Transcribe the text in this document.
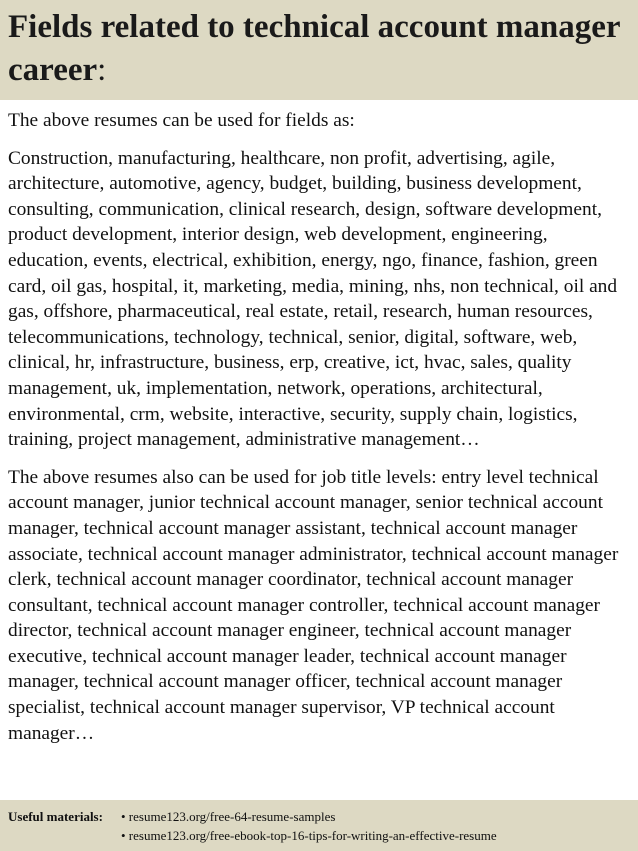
Fields related to technical account manager career:

The above resumes can be used for fields as:

Construction, manufacturing, healthcare, non profit, advertising, agile, architecture, automotive, agency, budget, building, business development, consulting, communication, clinical research, design, software development, product development, interior design, web development, engineering, education, events, electrical, exhibition, energy, ngo, finance, fashion, green card, oil gas, hospital, it, marketing, media, mining, nhs, non technical, oil and gas, offshore, pharmaceutical, real estate, retail, research, human resources, telecommunications, technology, technical, senior, digital, software, web, clinical, hr, infrastructure, business, erp, creative, ict, hvac, sales, quality management, uk, implementation, network, operations, architectural, environmental, crm, website, interactive, security, supply chain, logistics, training, project management, administrative management…

The above resumes also can be used for job title levels: entry level technical account manager, junior technical account manager, senior technical account manager, technical account manager assistant, technical account manager associate, technical account manager administrator, technical account manager clerk, technical account manager coordinator, technical account manager consultant, technical account manager controller, technical account manager director, technical account manager engineer, technical account manager executive, technical account manager leader, technical account manager manager, technical account manager officer, technical account manager specialist, technical account manager supervisor, VP technical account manager…

Useful materials: • resume123.org/free-64-resume-samples
• resume123.org/free-ebook-top-16-tips-for-writing-an-effective-resume
